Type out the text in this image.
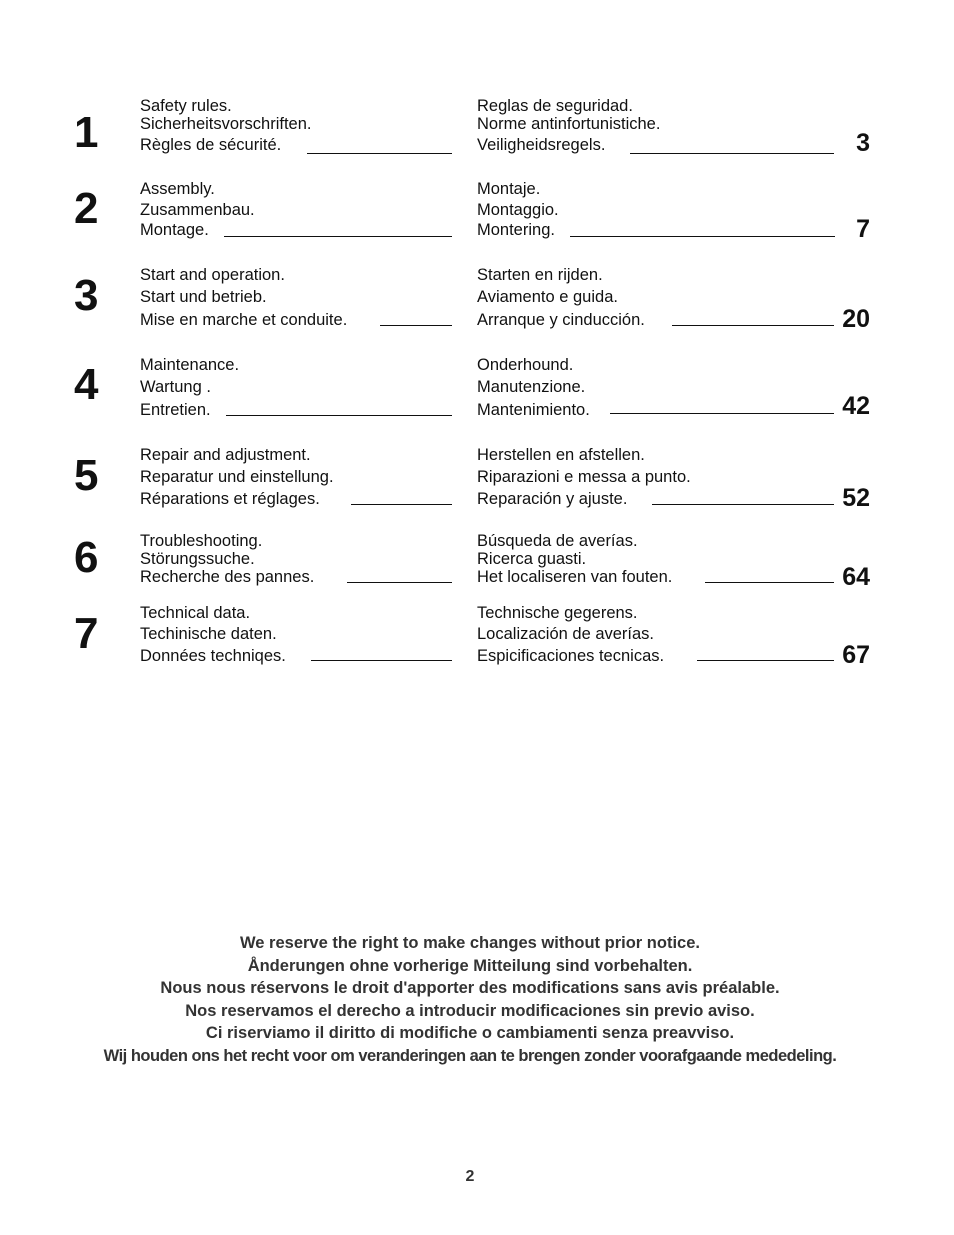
1
Safety rules.
Sicherheitsvorschriften.
Règles de sécurité.
Reglas de seguridad.
Norme antinfortunistiche.
Veiligheidsregels.	3
2	Assembly.
Zusammenbau.
Montage.
Montaje.
Montaggio.
Montering.	7
3	Start and operation.
Start und betrieb.
Mise en marche et conduite.
Starten en rijden.
Aviamento e guida.
Arranque y cinducción.	20
4	Maintenance.
Wartung .
Entretien.
Onderhound.
Manutenzione.
Mantenimiento.	42
5	Repair and adjustment.
Reparatur und einstellung.
Réparations et réglages.
Herstellen en afstellen.
Riparazioni e messa a punto.
Reparación y ajuste.	52
6	Troubleshooting.
Störungssuche.
Recherche des pannes.
Búsqueda de averías.
Ricerca guasti.
Het localiseren van fouten.	64
7	Technical data.
Techinische daten.
Données techniqes.
Technische gegerens.
Localización de averías.
Espicificaciones tecnicas.	67
We reserve the right to make changes without prior notice.
Ånderungen ohne vorherige Mitteilung sind vorbehalten.
Nous nous réservons le droit d'apporter des modifications sans avis préalable.
Nos reservamos el derecho a introducir modificaciones sin previo aviso.
Ci riserviamo il diritto di modifiche o cambiamenti senza preavviso.
Wij houden ons het recht voor om veranderingen aan te brengen zonder voorafgaande mededeling.
2
